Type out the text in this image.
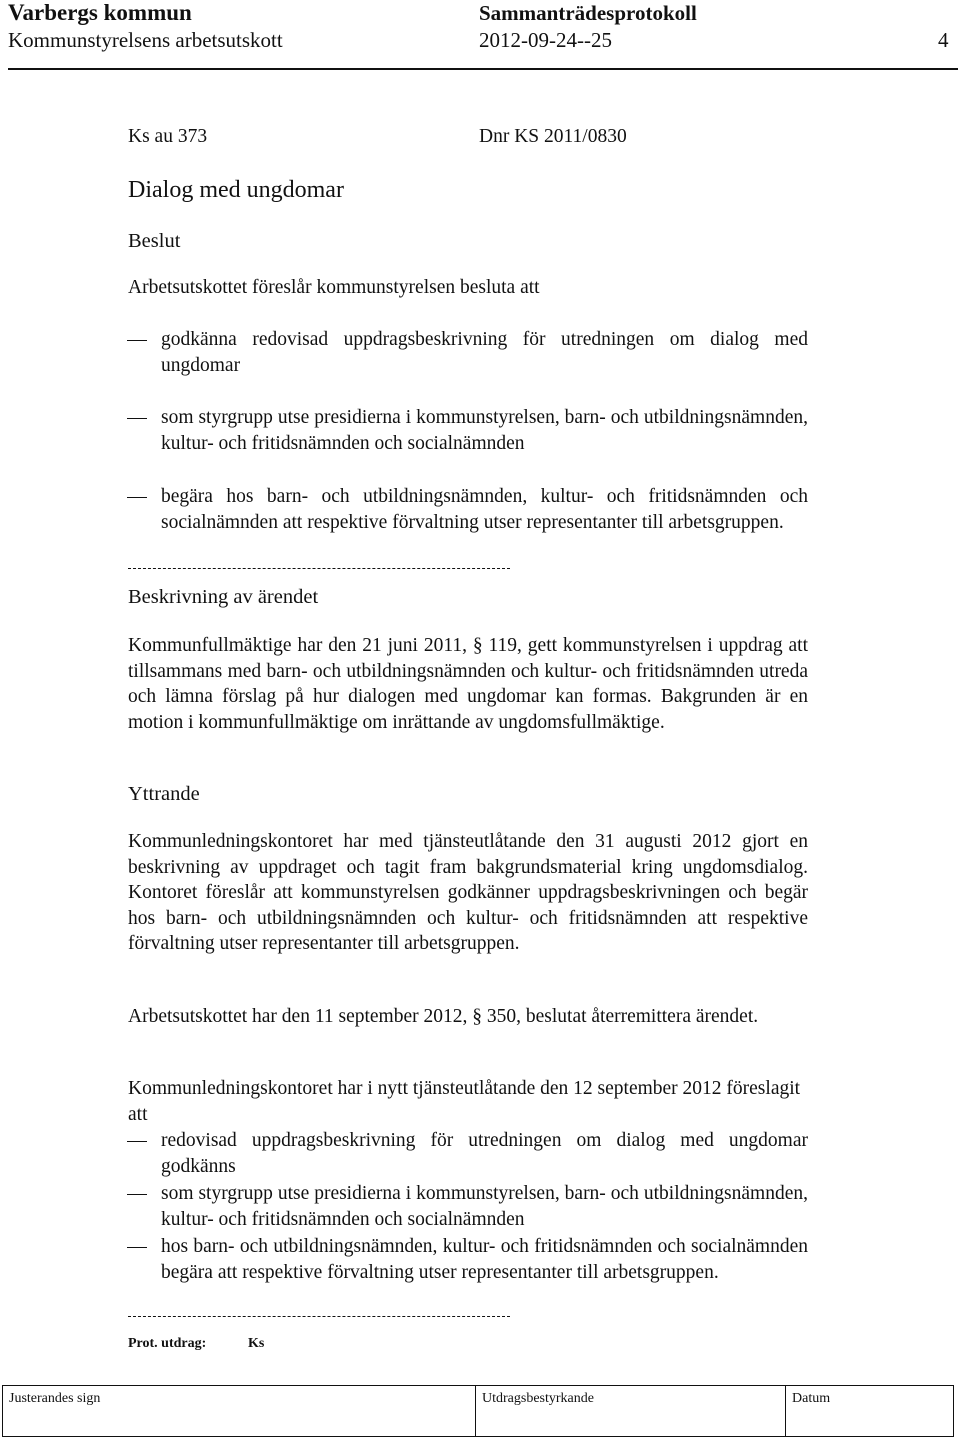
Varbergs kommun	Sammanträdesprotokoll
Kommunstyrelsens arbetsutskott	2012-09-24--25	4
Ks au 373	Dnr KS 2011/0830
Dialog med ungdomar
Beslut
Arbetsutskottet föreslår kommunstyrelsen besluta att
godkänna redovisad uppdragsbeskrivning för utredningen om dialog med ungdomar
som styrgrupp utse presidierna i kommunstyrelsen, barn- och utbildningsnämnden, kultur- och fritidsnämnden och socialnämnden
begära hos barn- och utbildningsnämnden, kultur- och fritidsnämnden och socialnämnden att respektive förvaltning utser representanter till arbetsgruppen.
Beskrivning av ärendet
Kommunfullmäktige har den 21 juni 2011, § 119, gett kommunstyrelsen i uppdrag att tillsammans med barn- och utbildningsnämnden och kultur- och fritidsnämnden utreda och lämna förslag på hur dialogen med ungdomar kan formas. Bakgrunden är en motion i kommunfullmäktige om inrättande av ungdomsfullmäktige.
Yttrande
Kommunledningskontoret har med tjänsteutlåtande den 31 augusti 2012 gjort en beskrivning av uppdraget och tagit fram bakgrundsmaterial kring ungdomsdialog. Kontoret föreslår att kommunstyrelsen godkänner uppdragsbeskrivningen och begär hos barn- och utbildningsnämnden och kultur- och fritidsnämnden att respektive förvaltning utser representanter till arbetsgruppen.
Arbetsutskottet har den 11 september 2012, § 350, beslutat återremittera ärendet.
Kommunledningskontoret har i nytt tjänsteutlåtande den 12 september 2012 föreslagit att
redovisad uppdragsbeskrivning för utredningen om dialog med ungdomar godkänns
som styrgrupp utse presidierna i kommunstyrelsen, barn- och utbildningsnämnden, kultur- och fritidsnämnden och socialnämnden
hos barn- och utbildningsnämnden, kultur- och fritidsnämnden och socialnämnden begära att respektive förvaltning utser representanter till arbetsgruppen.
Prot. utdrag:	Ks
Justerandes sign	Utdragsbestyrkande	Datum
